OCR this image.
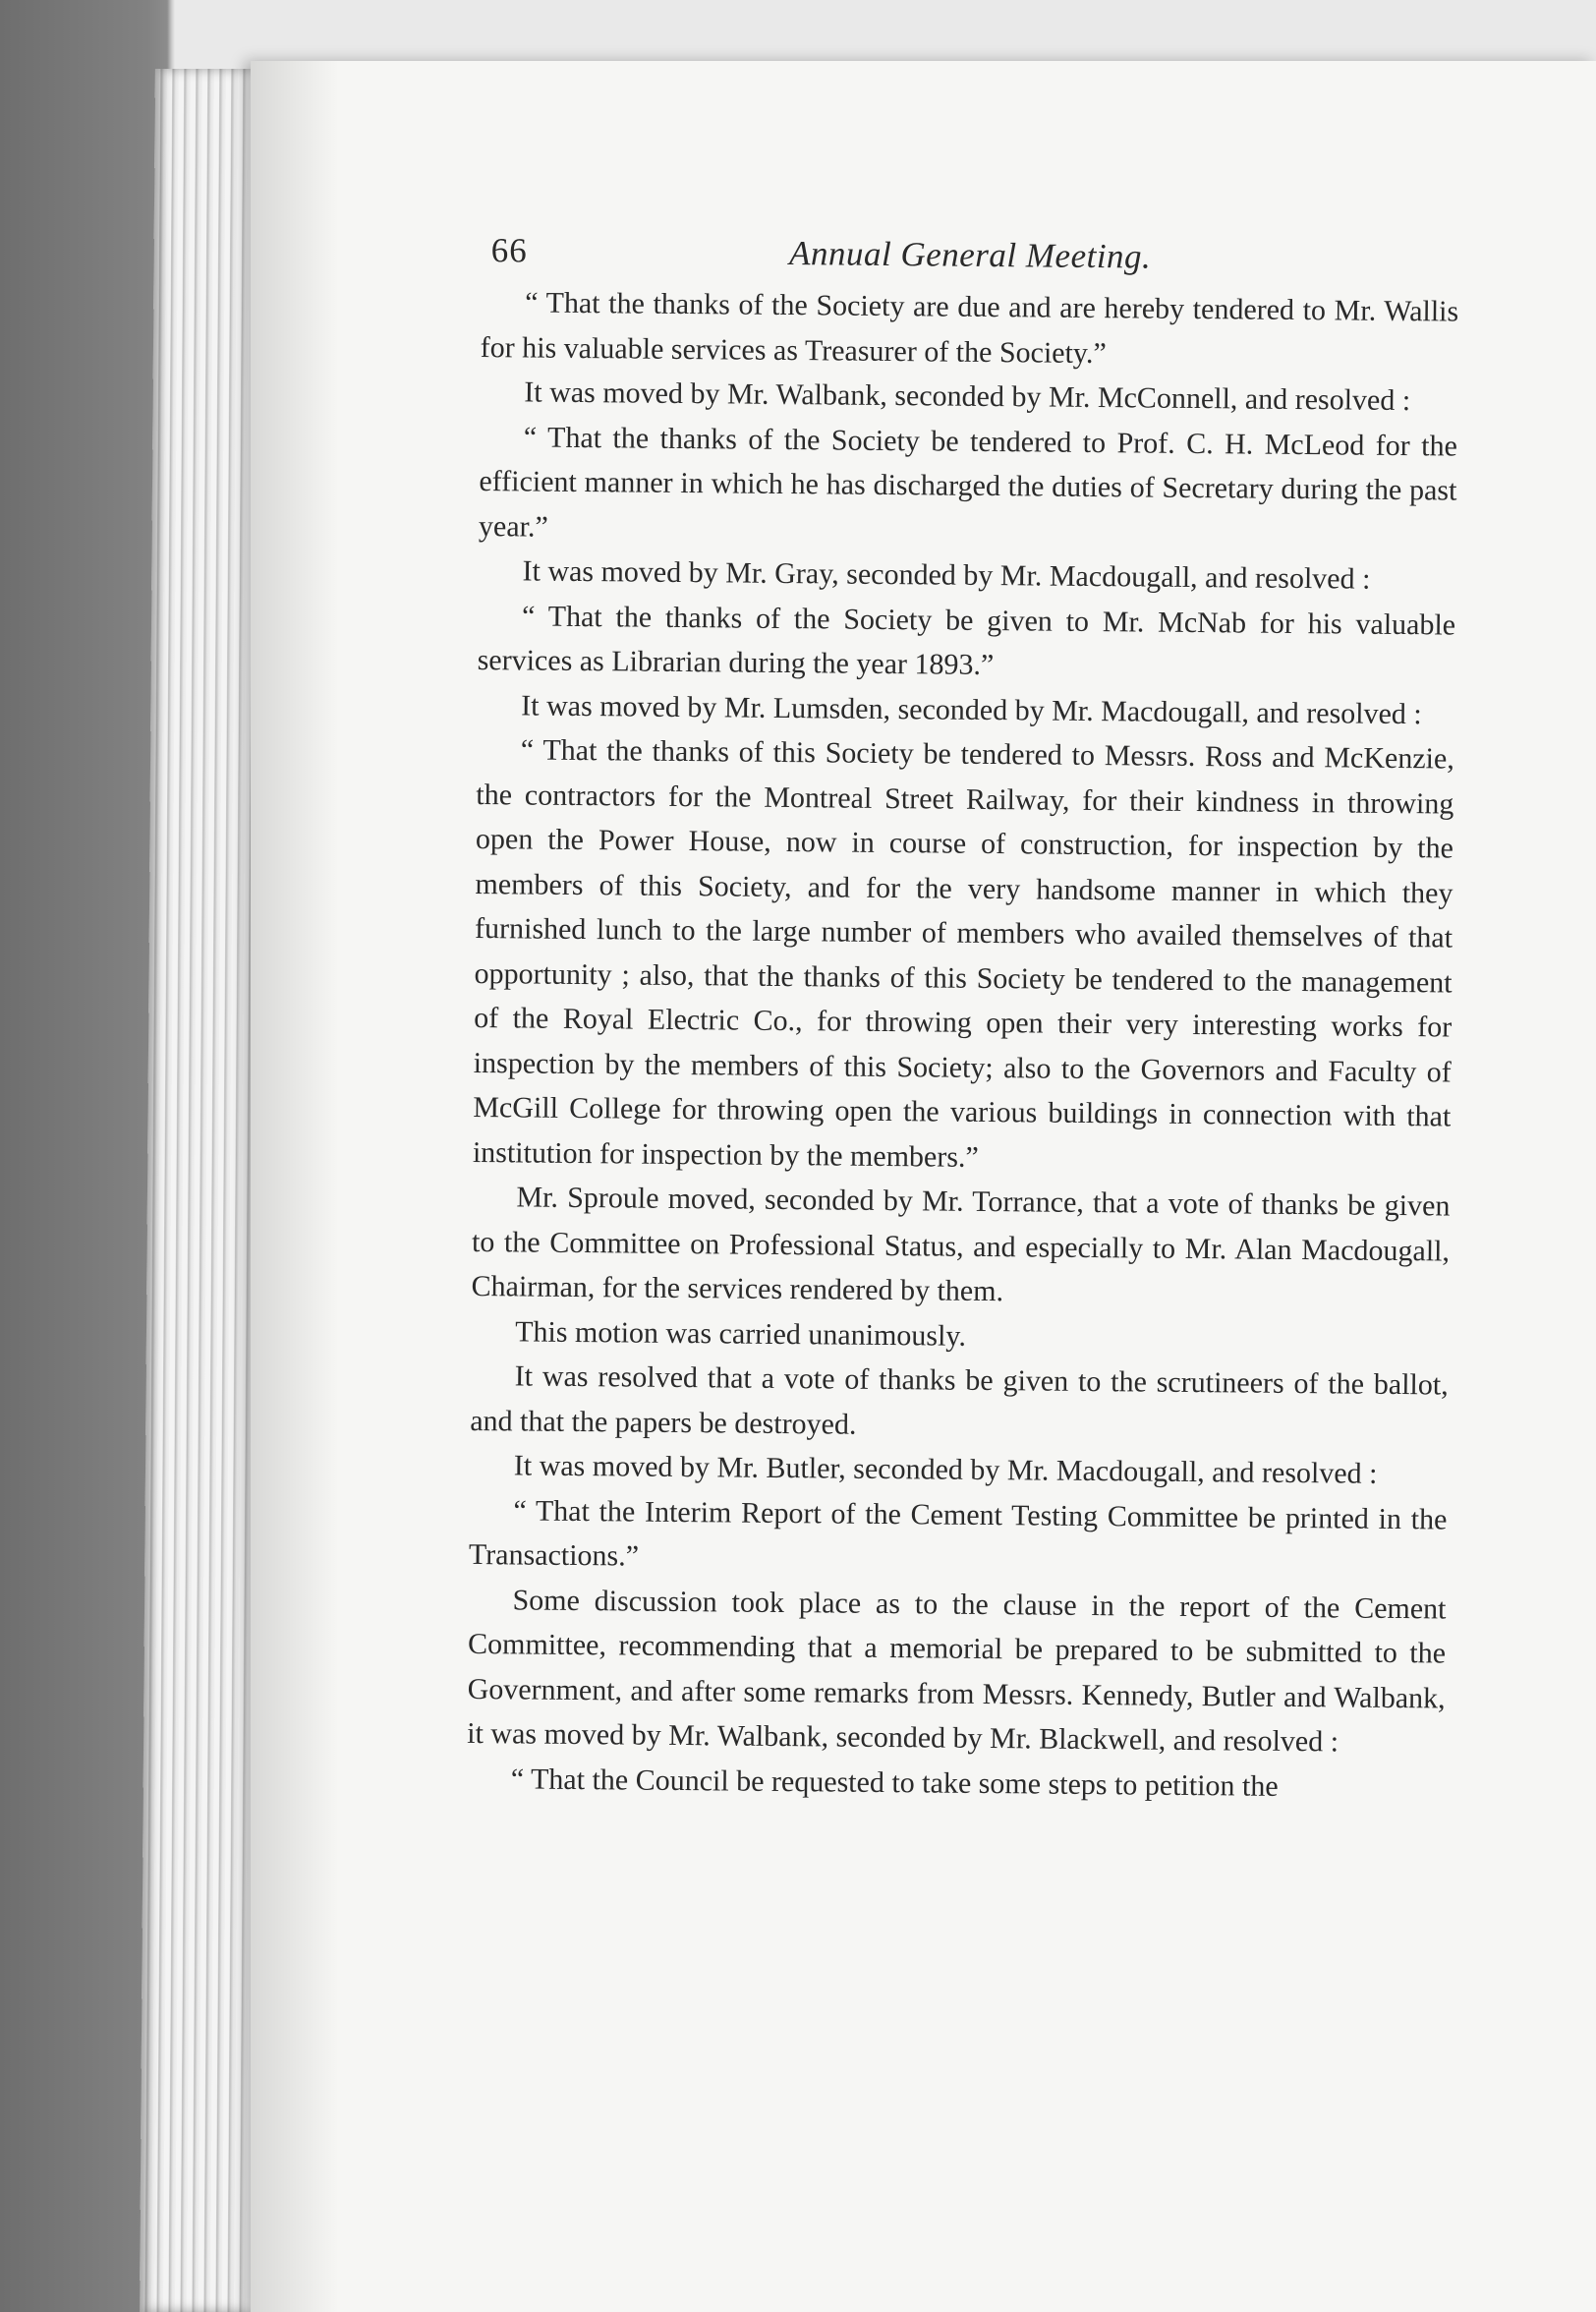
66	Annual General Meeting.

“ That the thanks of the Society are due and are hereby tendered to Mr. Wallis for his valuable services as Treasurer of the Society.”

It was moved by Mr. Walbank, seconded by Mr. McConnell, and resolved :

“ That the thanks of the Society be tendered to Prof. C. H. McLeod for the efficient manner in which he has discharged the duties of Secretary during the past year.”

It was moved by Mr. Gray, seconded by Mr. Macdougall, and resolved :

“ That the thanks of the Society be given to Mr. McNab for his valuable services as Librarian during the year 1893.”

It was moved by Mr. Lumsden, seconded by Mr. Macdougall, and resolved :

“ That the thanks of this Society be tendered to Messrs. Ross and McKenzie, the contractors for the Montreal Street Railway, for their kindness in throwing open the Power House, now in course of construction, for inspection by the members of this Society, and for the very handsome manner in which they furnished lunch to the large number of members who availed themselves of that opportunity ; also, that the thanks of this Society be tendered to the management of the Royal Electric Co., for throwing open their very interesting works for inspection by the members of this Society; also to the Governors and Faculty of McGill College for throwing open the various buildings in connection with that institution for inspection by the members.”

Mr. Sproule moved, seconded by Mr. Torrance, that a vote of thanks be given to the Committee on Professional Status, and especially to Mr. Alan Macdougall, Chairman, for the services rendered by them.

This motion was carried unanimously.

It was resolved that a vote of thanks be given to the scrutineers of the ballot, and that the papers be destroyed.

It was moved by Mr. Butler, seconded by Mr. Macdougall, and resolved :

“ That the Interim Report of the Cement Testing Committee be printed in the Transactions.”

Some discussion took place as to the clause in the report of the Cement Committee, recommending that a memorial be prepare⁠d to be submitted to the Government, and after some remarks from Messrs. Kennedy, Butler and Walbank, it was moved by Mr. Walbank, seconded by Mr. Blackwell, and resolved :

“ That the Council be requested to take some steps to petition the
